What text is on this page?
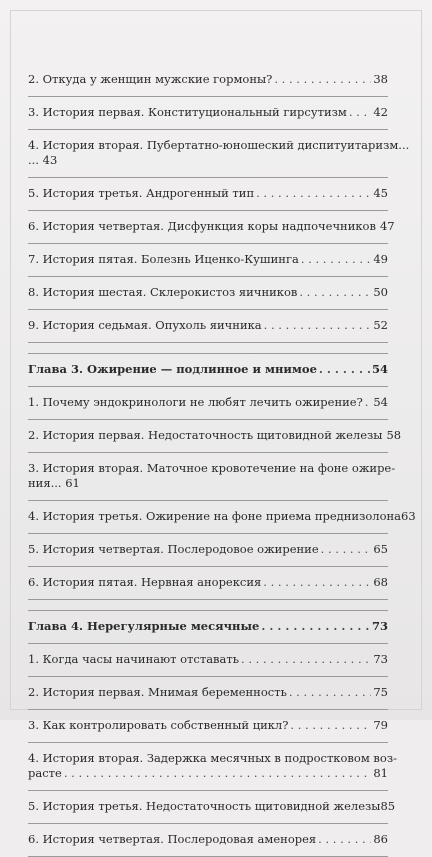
2. Откуда у женщин мужские гормоны? . . .	38
3. История первая. Конституциональный гирсутизм . . . 42
4. История вторая. Пубертатно-юношеский диспитуитаризм...
... 43
5. История третья. Андрогенный тип . . .	45
6. История четвертая. Дисфункция коры надпочечников 47
7. История пятая. Болезнь Иценко-Кушинга . . .	49
8. История шестая. Склерокистоз яичников . . .	50
9. История седьмая. Опухоль яичника . . .	52
Глава 3. Ожирение — подлинное и мнимое . . .	54
1. Почему эндокринологи не любят лечить ожирение? . . . 54
2. История первая. Недостаточность щитовидной железы 58
3. История вторая. Маточное кровотечение на фоне ожире-
ния... 61
4. История третья. Ожирение на фоне приема преднизолона 63
5. История четвертая. Послеродовое ожирение . . .	65
6. История пятая. Нервная анорексия . . .	68
Глава 4. Нерегулярные месячные . . .	73
1. Когда часы начинают отставать . . .	73
2. История первая. Мнимая беременность . . .	75
3. Как контролировать собственный цикл? . . .	79
4. История вторая. Задержка месячных в подростковом воз-
расте . . .	81
5. История третья. Недостаточность щитовидной железы 85
6. История четвертая. Послеродовая аменорея . . .	86
